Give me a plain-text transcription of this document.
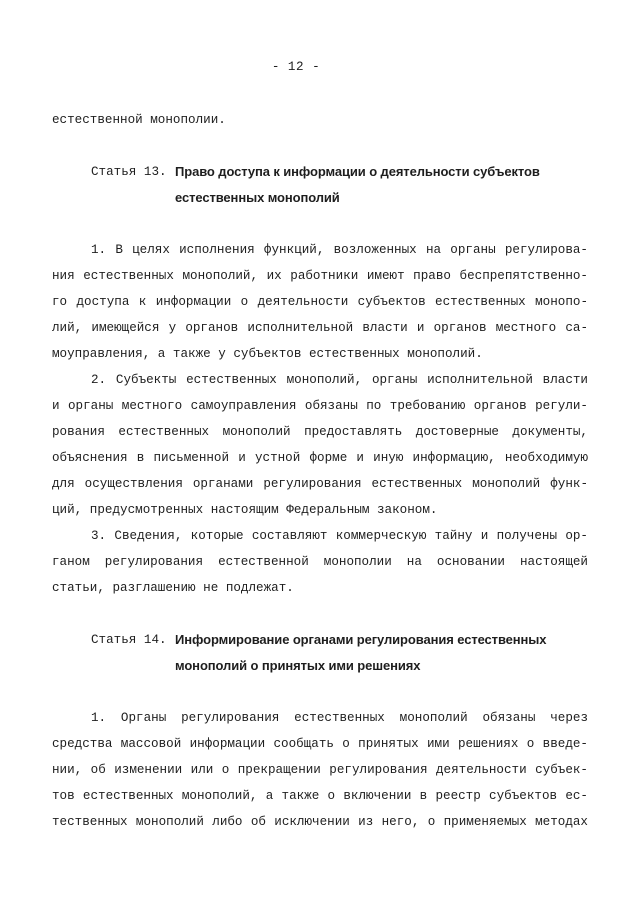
- 12 -
естественной монополии.
Статья 13. Право доступа к информации о деятельности субъектов
естественных монополий
1. В целях исполнения функций, возложенных на органы регулирова-
ния естественных монополий, их работники имеют право беспрепятственно-
го доступа к информации о деятельности субъектов естественных монопо-
лий, имеющейся у органов исполнительной власти и органов местного са-
моуправления, а также у субъектов естественных монополий.
2. Субъекты естественных монополий, органы исполнительной власти
и органы местного самоуправления обязаны по требованию органов регули-
рования естественных монополий предоставлять достоверные документы,
объяснения в письменной и устной форме и иную информацию, необходимую
для осуществления органами регулирования естественных монополий функ-
ций, предусмотренных настоящим Федеральным законом.
3. Сведения, которые составляют коммерческую тайну и получены ор-
ганом регулирования естественной монополии на основании настоящей
статьи, разглашению не подлежат.
Статья 14. Информирование органами регулирования естественных
монополий о принятых ими решениях
1. Органы регулирования естественных монополий обязаны через
средства массовой информации сообщать о принятых ими решениях о введе-
нии, об изменении или о прекращении регулирования деятельности субъек-
тов естественных монополий, а также о включении в реестр субъектов ес-
тественных монополий либо об исключении из него, о применяемых методах
